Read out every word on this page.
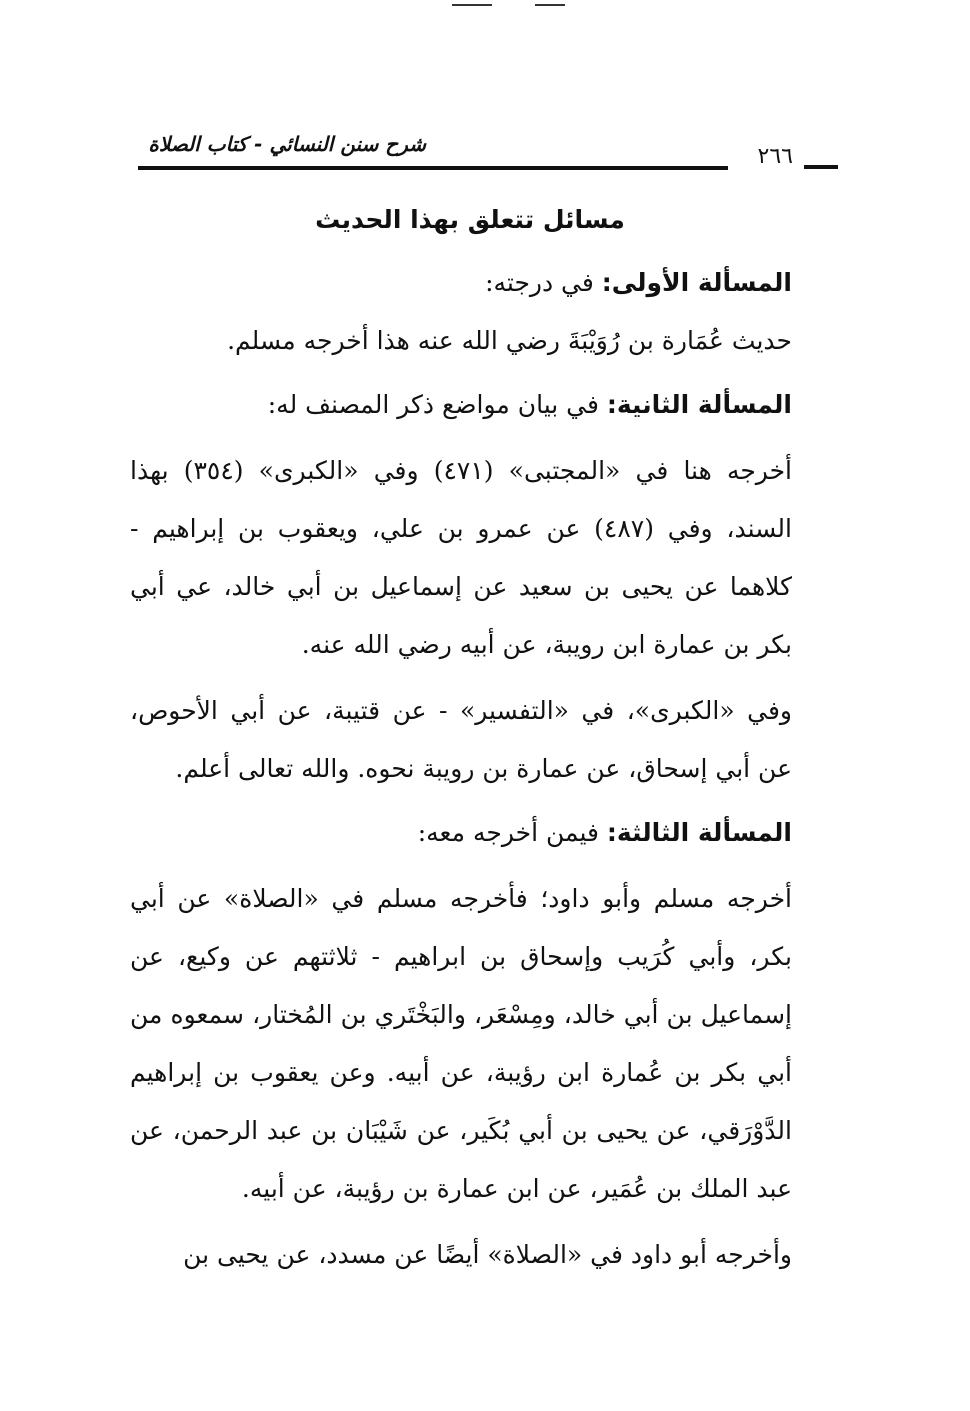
شرح سنن النسائي - كتاب الصلاة	٢٦٦
مسائل تتعلق بهذا الحديث

المسألة الأولى: في درجته:

حديث عُمَارة بن رُوَيْبَةَ رضي الله عنه هذا أخرجه مسلم.

المسألة الثانية: في بيان مواضع ذكر المصنف له:

أخرجه هنا في «المجتبى» (٤٧١) وفي «الكبرى» (٣٥٤) بهذا السند، وفي (٤٨٧) عن عمرو بن علي، ويعقوب بن إبراهيم - كلاهما عن يحيى بن سعيد عن إسماعيل بن أبي خالد، عي أبي بكر بن عمارة ابن رويبة، عن أبيه رضي الله عنه.

وفي «الكبرى»، في «التفسير» - عن قتيبة، عن أبي الأحوص، عن أبي إسحاق، عن عمارة بن رويبة نحوه. والله تعالى أعلم.

المسألة الثالثة: فيمن أخرجه معه:

أخرجه مسلم وأبو داود؛ فأخرجه مسلم في «الصلاة» عن أبي بكر، وأبي كُرَيب وإسحاق بن ابراهيم - ثلاثتهم عن وكيع، عن إسماعيل بن أبي خالد، ومِسْعَر، والبَخْتَري بن المُختار، سمعوه من أبي بكر بن عُمارة ابن رؤيبة، عن أبيه. وعن يعقوب بن إبراهيم الدَّوْرَقي، عن يحيى بن أبي بُكَير، عن شَيْبَان بن عبد الرحمن، عن عبد الملك بن عُمَير، عن ابن عمارة بن رؤيبة، عن أبيه.

وأخرجه أبو داود في «الصلاة» أيضًا عن مسدد، عن يحيى بن
